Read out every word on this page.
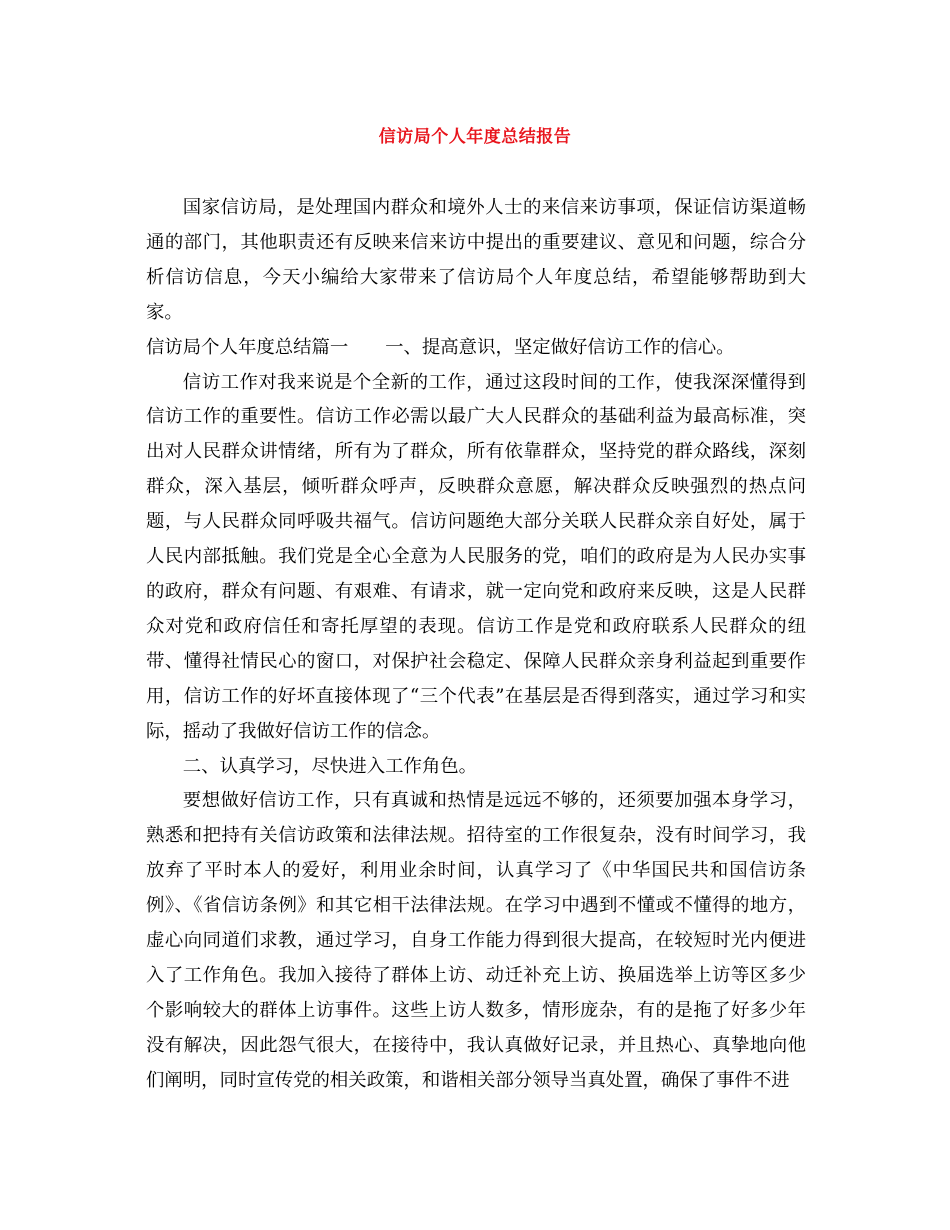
信访局个人年度总结报告

国家信访局，是处理国内群众和境外人士的来信来访事项，保证信访渠道畅通的部门，其他职责还有反映来信来访中提出的重要建议、意见和问题，综合分析信访信息，今天小编给大家带来了信访局个人年度总结，希望能够帮助到大家。

信访局个人年度总结篇一 一、提高意识，坚定做好信访工作的信心。

信访工作对我来说是个全新的工作，通过这段时间的工作，使我深深懂得到信访工作的重要性。信访工作必需以最广大人民群众的基础利益为最高标准，突出对人民群众讲情绪，所有为了群众，所有依靠群众，坚持党的群众路线，深刻群众，深入基层，倾听群众呼声，反映群众意愿，解决群众反映强烈的热点问题，与人民群众同呼吸共福气。信访问题绝大部分关联人民群众亲自好处，属于人民内部抵触。我们党是全心全意为人民服务的党，咱们的政府是为人民办实事的政府，群众有问题、有艰难、有请求，就一定向党和政府来反映，这是人民群众对党和政府信任和寄托厚望的表现。信访工作是党和政府联系人民群众的纽带、懂得社情民心的窗口，对保护社会稳定、保障人民群众亲身利益起到重要作用，信访工作的好坏直接体现了“三个代表”在基层是否得到落实，通过学习和实际，摇动了我做好信访工作的信念。

二、认真学习，尽快进入工作角色。

要想做好信访工作，只有真诚和热情是远远不够的，还须要加强本身学习，熟悉和把持有关信访政策和法律法规。招待室的工作很复杂，没有时间学习，我放弃了平时本人的爱好，利用业余时间，认真学习了《中华国民共和国信访条例》、《省信访条例》和其它相干法律法规。在学习中遇到不懂或不懂得的地方，虚心向同道们求教，通过学习，自身工作能力得到很大提高，在较短时光内便进入了工作角色。我加入接待了群体上访、动迁补充上访、换届选举上访等区多少个影响较大的群体上访事件。这些上访人数多，情形庞杂，有的是拖了好多少年没有解决，因此怨气很大，在接待中，我认真做好记录，并且热心、真挚地向他们阐明，同时宣传党的相关政策，和谐相关部分领导当真处置，确保了事件不进
